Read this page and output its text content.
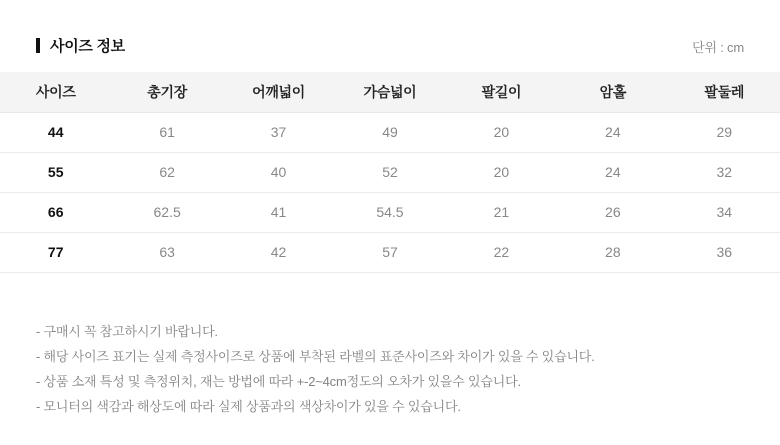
사이즈 정보	단위 : cm
사이즈	총기장	어깨넓이	가슴넓이	팔길이	암홀	팔둘레
44	61	37	49	20	24	29
55	62	40	52	20	24	32
66	62.5	41	54.5	21	26	34
77	63	42	57	22	28	36
- 구매시 꼭 참고하시기 바랍니다.
- 해당 사이즈 표기는 실제 측정사이즈로 상품에 부착된 라벨의 표준사이즈와 차이가 있을 수 있습니다.
- 상품 소재 특성 및 측정위치, 재는 방법에 따라 +-2~4cm정도의 오차가 있을수 있습니다.
- 모니터의 색감과 해상도에 따라 실제 상품과의 색상차이가 있을 수 있습니다.
